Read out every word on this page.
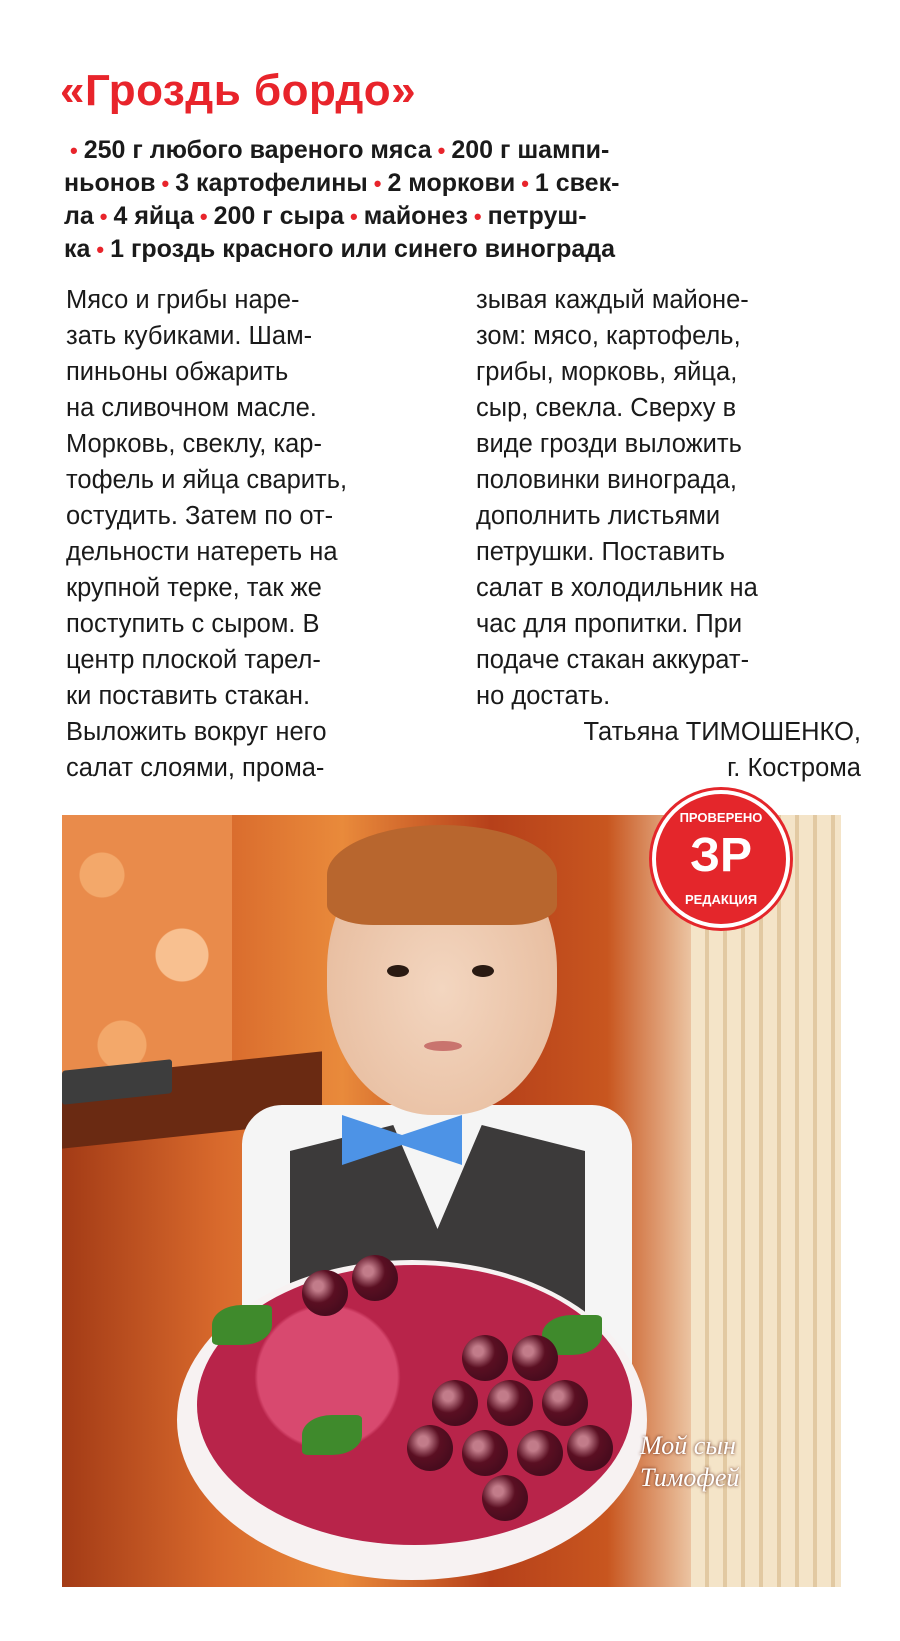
«Гроздь бордо»
• 250 г любого вареного мяса • 200 г шампи-
ньонов • 3 картофелины • 2 моркови • 1 свек-
ла • 4 яйца • 200 г сыра • майонез • петруш-
ка • 1 гроздь красного или синего винограда
Мясо и грибы наре-
зать кубиками. Шам-
пиньоны обжарить
на сливочном масле.
Морковь, свеклу, кар-
тофель и яйца сварить,
остудить. Затем по от-
дельности натереть на
крупной терке, так же
поступить с сыром. В
центр плоской тарел-
ки поставить стакан.
Выложить вокруг него
салат слоями, прома-
зывая каждый майоне-
зом: мясо, картофель,
грибы, морковь, яйца,
сыр, свекла. Сверху в
виде грозди выложить
половинки винограда,
дополнить листьями
петрушки. Поставить
салат в холодильник на
час для пропитки. При
подаче стакан аккурат-
но достать.
Татьяна ТИМОШЕНКО,
г. Кострома
ПРОВЕРЕНО
ЗР
РЕДАКЦИЯ
Мой сын
Тимофей
